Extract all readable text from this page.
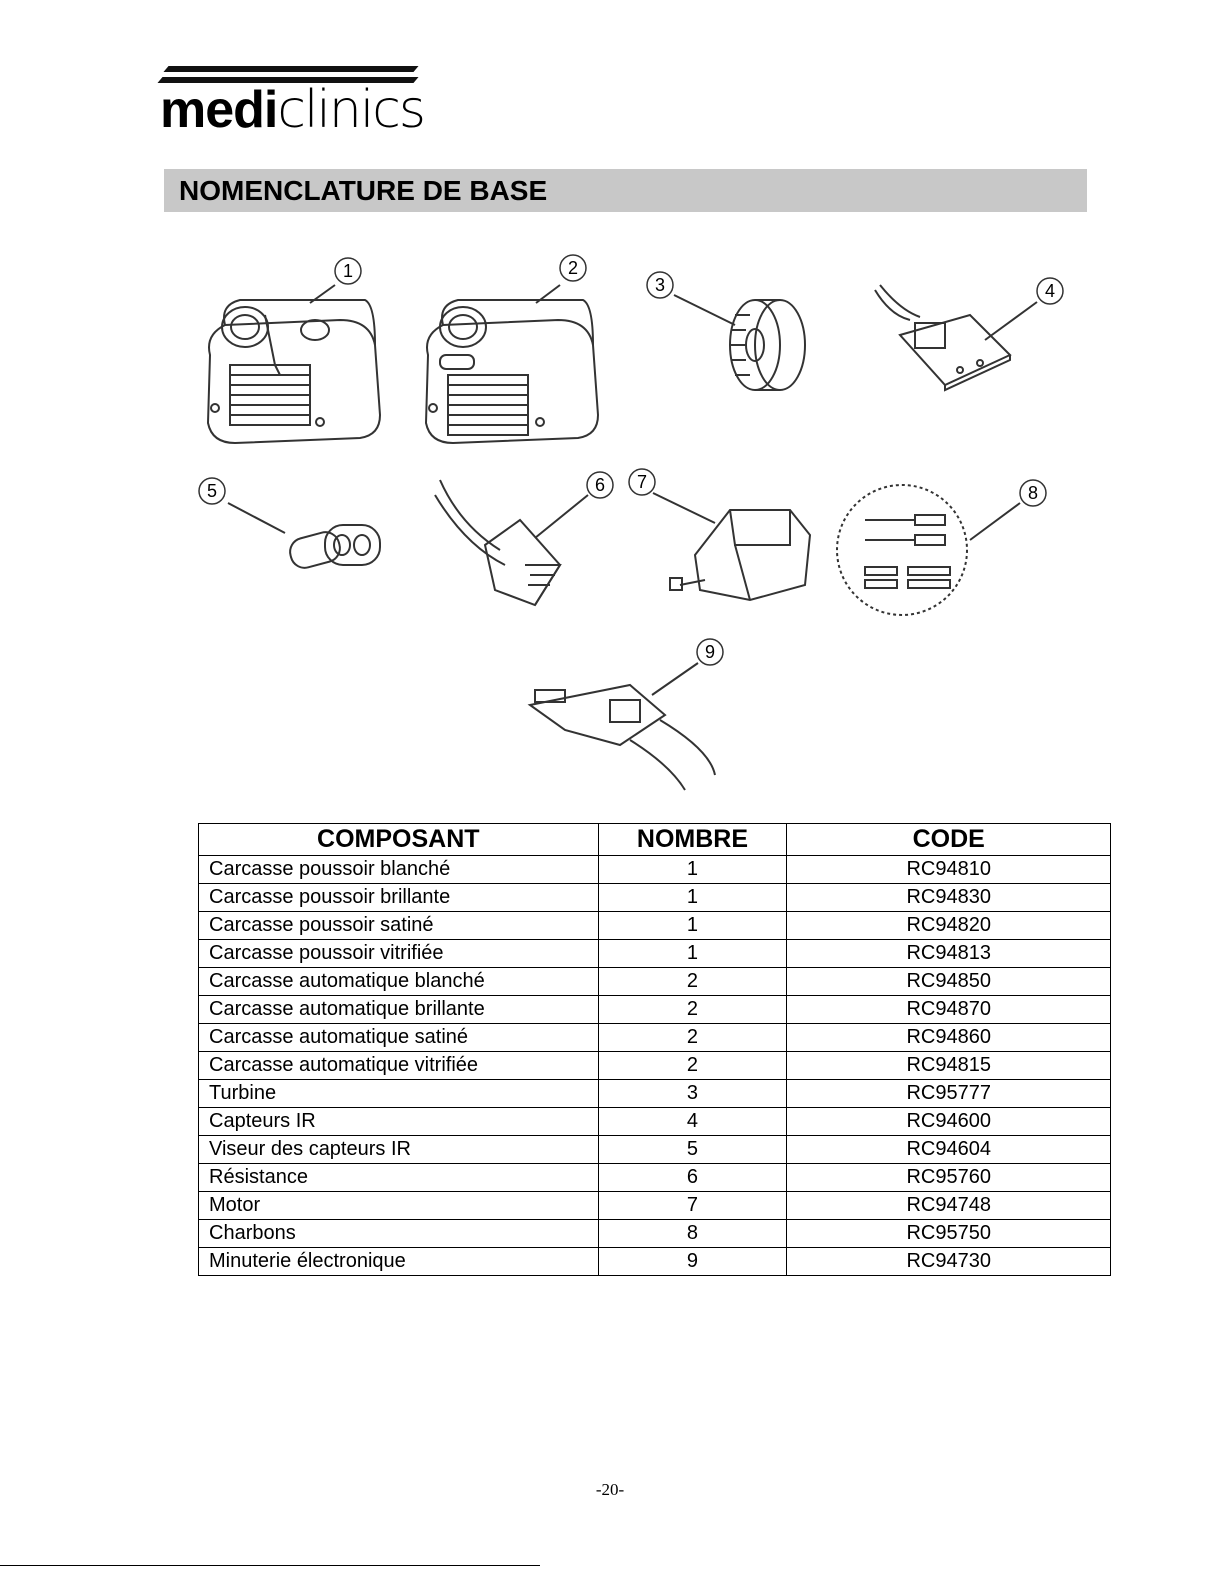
mediclinics
NOMENCLATURE DE BASE
1	2
3	4
5	6 7
8
9
COMPOSANT	NOMBRE	CODE
Carcasse poussoir blanché	1	RC94810
Carcasse poussoir brillante	1	RC94830
Carcasse poussoir satiné	1	RC94820
Carcasse poussoir vitrifiée	1	RC94813
Carcasse automatique blanché	2	RC94850
Carcasse automatique brillante	2	RC94870
Carcasse automatique satiné	2	RC94860
Carcasse automatique vitrifiée	2	RC94815
Turbine	3	RC95777
Capteurs IR	4	RC94600
Viseur des capteurs IR	5	RC94604
Résistance	6	RC95760
Motor	7	RC94748
Charbons	8	RC95750
Minuterie électronique	9	RC94730
-20-
